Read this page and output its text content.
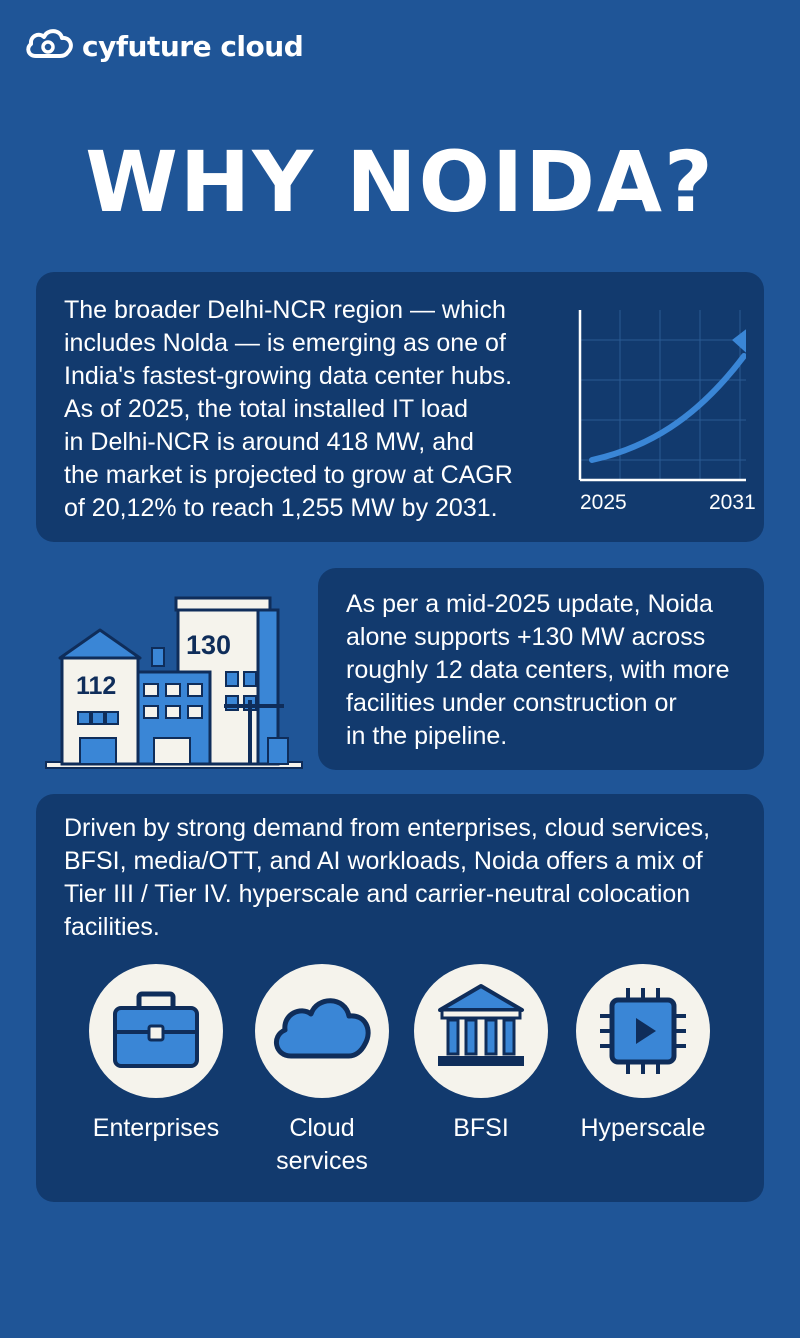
cyfuture cloud
WHY NOIDA?
The broader Delhi-NCR region — which
includes Nolda — is emerging as one of
India's fastest-growing data center hubs.
As of 2025, the total installed IT load
in Delhi-NCR is around 418 MW, ahd
the market is projected to grow at CAGR
of 20,12% to reach 1,255 MW by 2031.	2025	2031
112
130
As per a mid-2025 update, Noida
alone supports +130 MW across
roughly 12 data centers, with more
facilities under construction or
in the pipeline.
Driven by strong demand from enterprises, cloud services,
BFSI, media/OTT, and AI workloads, Noida offers a mix of
Tier III / Tier IV. hyperscale and carrier-neutral colocation
facilities.
Enterprises	Cloud
services
BFSI	Hyperscale
